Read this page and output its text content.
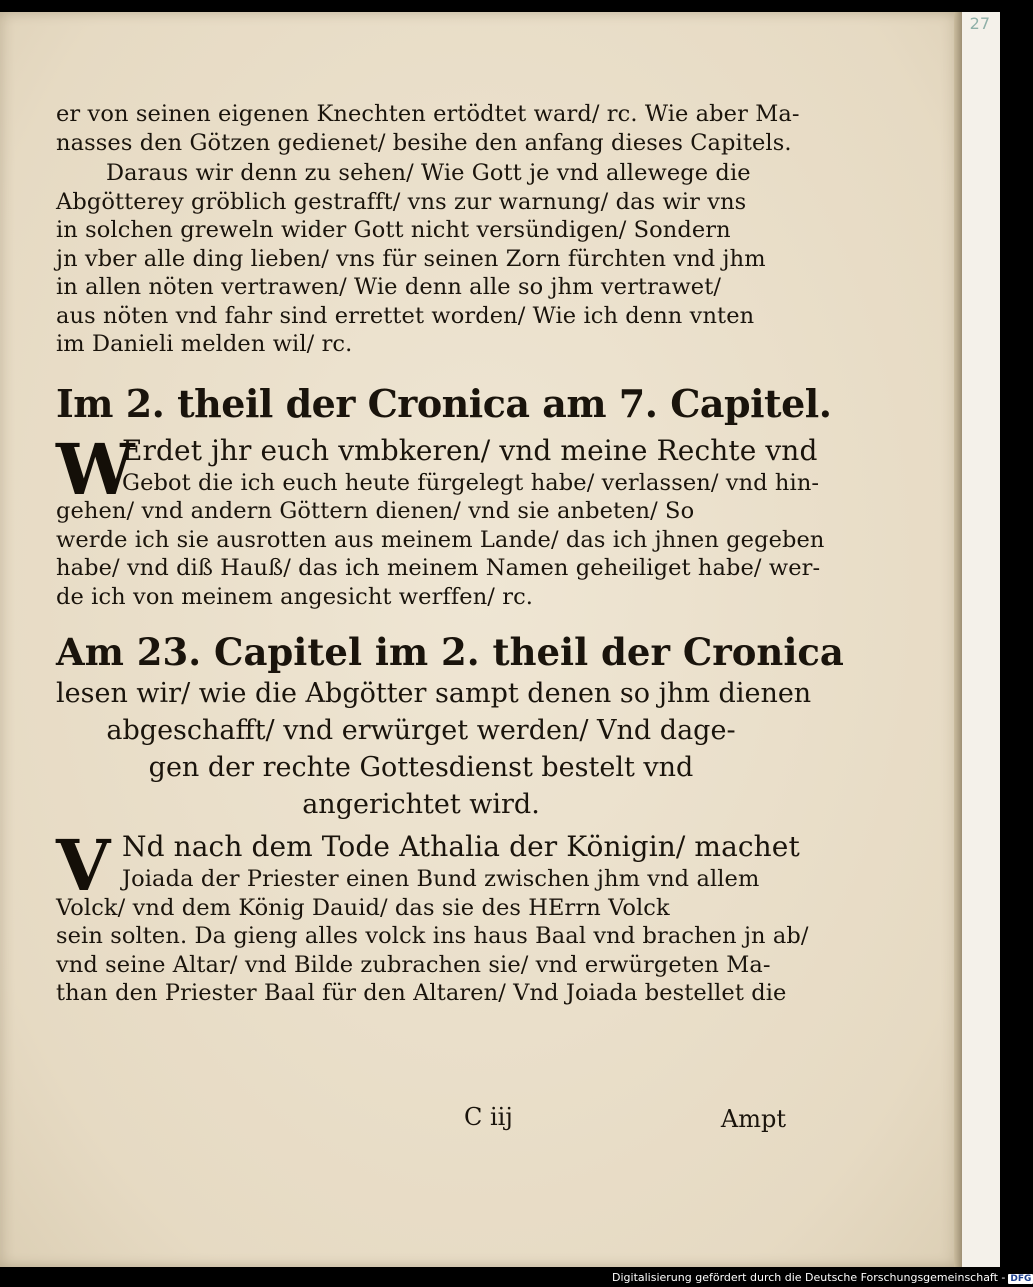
27
er von seinen eigenen Knechten ertödtet ward/ rc. Wie aber Ma-
nasses den Götzen gedienet/ besihe den anfang dieses Capitels.
Daraus wir denn zu sehen/ Wie Gott je vnd allewege die
Abgötterey gröblich gestrafft/ vns zur warnung/ das wir vns
in solchen greweln wider Gott nicht versündigen/ Sondern
jn vber alle ding lieben/ vns für seinen Zorn fürchten vnd jhm
in allen nöten vertrawen/ Wie denn alle so jhm vertrawet/
aus nöten vnd fahr sind errettet worden/ Wie ich denn vnten
im Danieli melden wil/ rc.
Im 2. theil der Cronica am 7. Capitel.
W
Erdet jhr euch vmbkeren/ vnd meine Rechte vnd
Gebot die ich euch heute fürgelegt habe/ verlassen/ vnd hin-
gehen/ vnd andern Göttern dienen/ vnd sie anbeten/ So
werde ich sie ausrotten aus meinem Lande/ das ich jhnen gegeben
habe/ vnd diß Hauß/ das ich meinem Namen geheiliget habe/ wer-
de ich von meinem angesicht werffen/ rc.
Am 23. Capitel im 2. theil der Cronica
lesen wir/ wie die Abgötter sampt denen so jhm dienen
abgeschafft/ vnd erwürget werden/ Vnd dage-
gen der rechte Gottesdienst bestelt vnd
angerichtet wird.
V Nd nach dem Tode Athalia der Königin/ machet
Joiada der Priester einen Bund zwischen jhm vnd allem
Volck/ vnd dem König Dauid/ das sie des HErrn Volck
sein solten. Da gieng alles volck ins haus Baal vnd brachen jn ab/
vnd seine Altar/ vnd Bilde zubrachen sie/ vnd erwürgeten Ma-
than den Priester Baal für den Altaren/ Vnd Joiada bestellet die
C iij	Ampt
Digitalisierung gefördert durch die Deutsche Forschungsgemeinschaft - DFG
